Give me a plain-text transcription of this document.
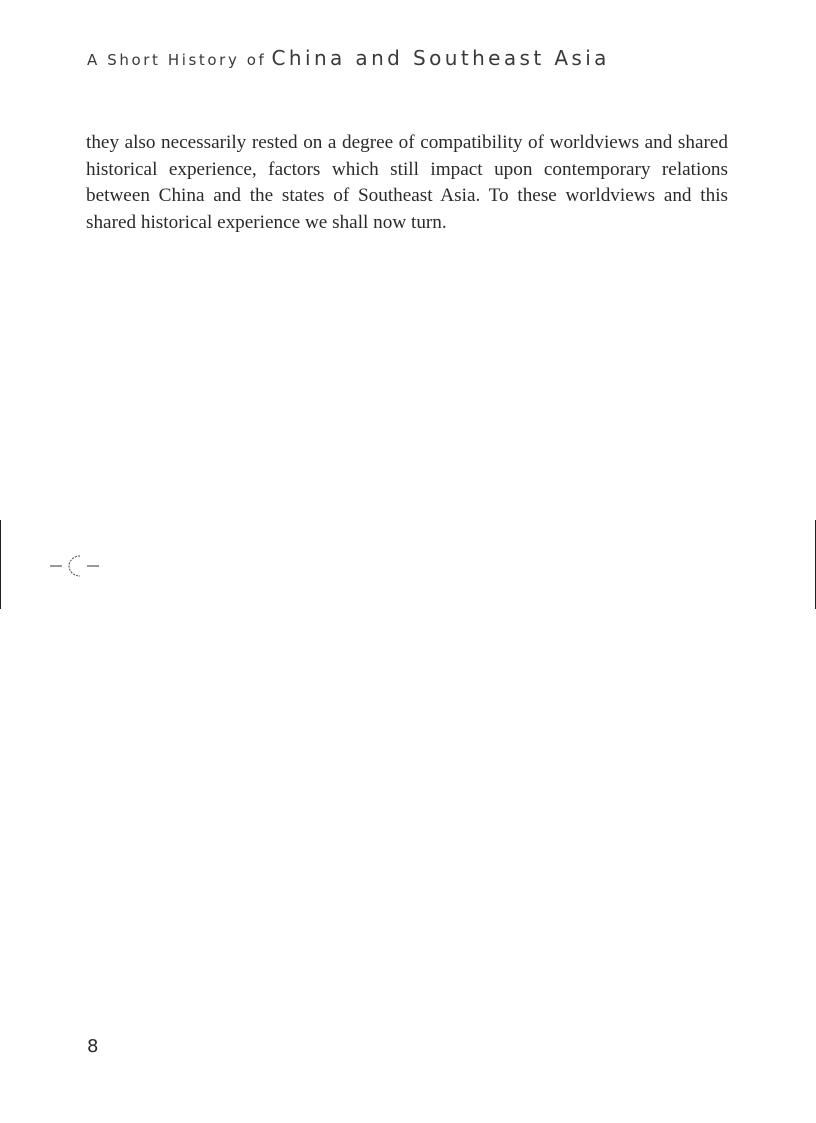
A Short History of China and Southeast Asia

they also necessarily rested on a degree of compatibility of worldviews and shared historical experience, factors which still impact upon contemporary relations between China and the states of Southeast Asia. To these worldviews and this shared historical experience we shall now turn.

8
